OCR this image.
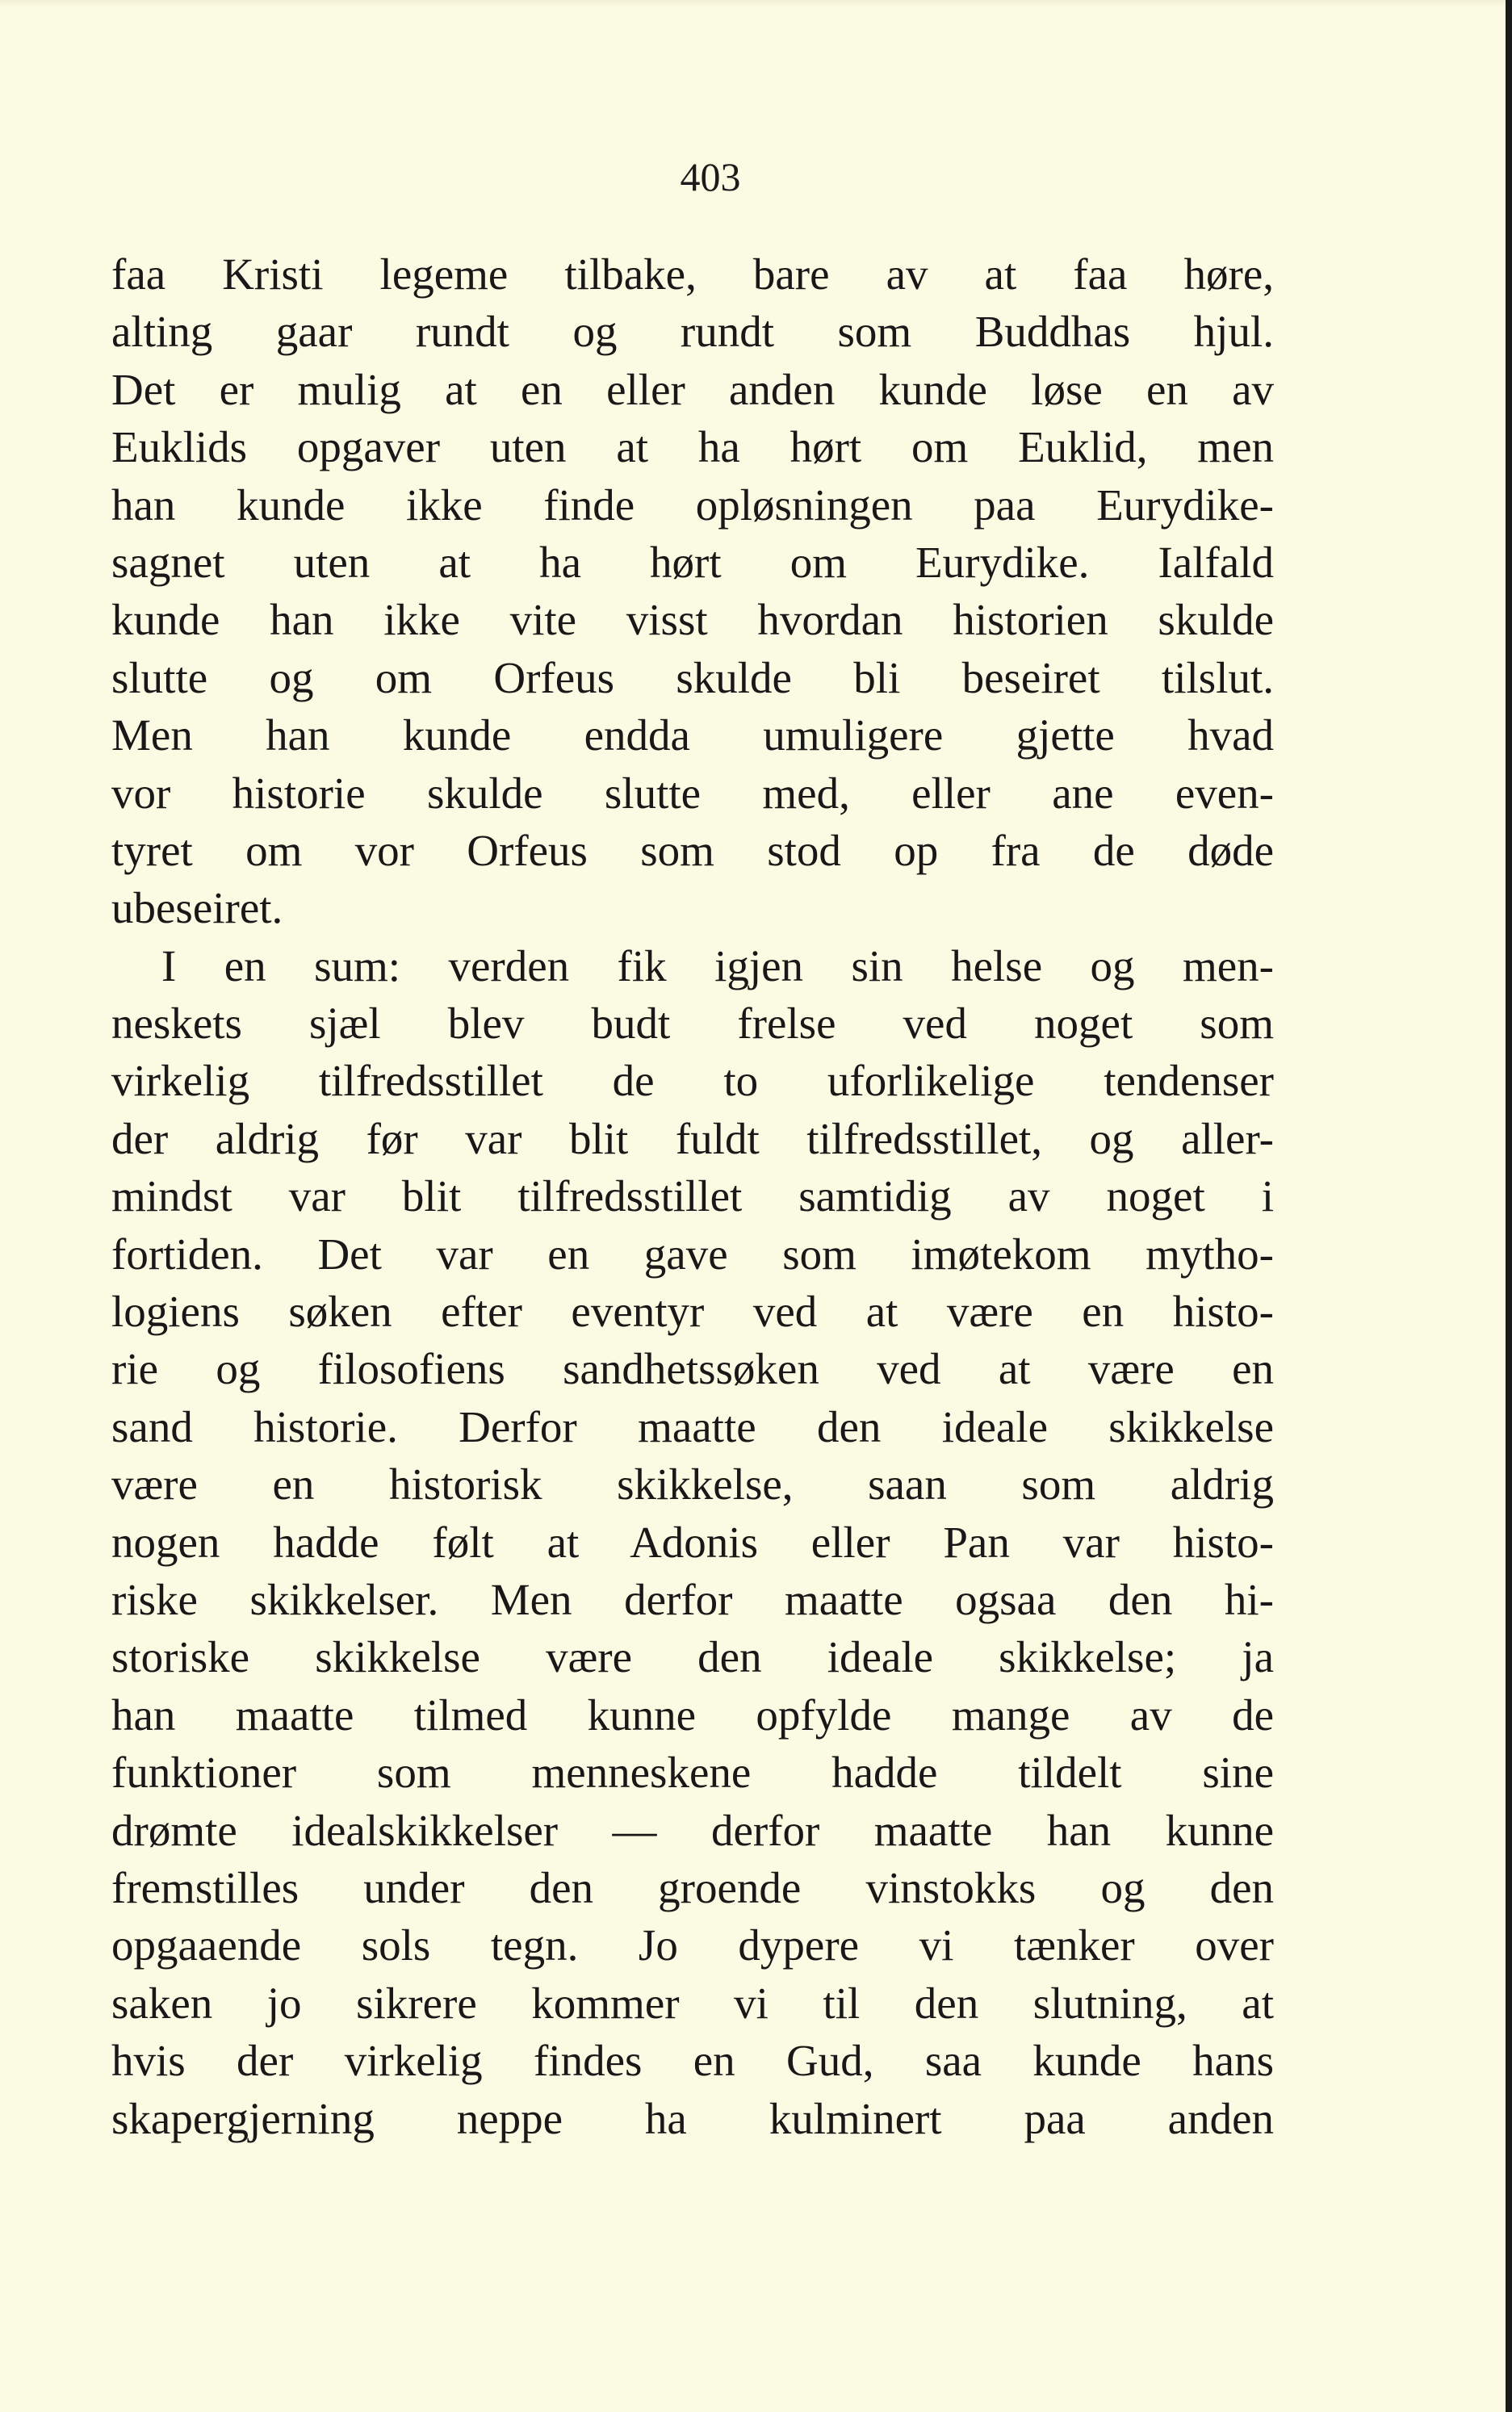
403
faa Kristi legeme tilbake, bare av at faa høre,
alting gaar rundt og rundt som Buddhas hjul.
Det er mulig at en eller anden kunde løse en av
Euklids opgaver uten at ha hørt om Euklid, men
han kunde ikke finde opløsningen paa Eurydike-
sagnet uten at ha hørt om Eurydike. Ialfald
kunde han ikke vite visst hvordan historien skulde
slutte og om Orfeus skulde bli beseiret tilslut.
Men han kunde endda umuligere gjette hvad
vor historie skulde slutte med, eller ane even-
tyret om vor Orfeus som stod op fra de døde
ubeseiret.
I en sum: verden fik igjen sin helse og men-
neskets sjæl blev budt frelse ved noget som
virkelig tilfredsstillet de to uforlikelige tendenser
der aldrig før var blit fuldt tilfredsstillet, og aller-
mindst var blit tilfredsstillet samtidig av noget i
fortiden. Det var en gave som imøtekom mytho-
logiens søken efter eventyr ved at være en histo-
rie og filosofiens sandhetssøken ved at være en
sand historie. Derfor maatte den ideale skikkelse
være en historisk skikkelse, saan som aldrig
nogen hadde følt at Adonis eller Pan var histo-
riske skikkelser. Men derfor maatte ogsaa den hi-
storiske skikkelse være den ideale skikkelse; ja
han maatte tilmed kunne opfylde mange av de
funktioner som menneskene hadde tildelt sine
drømte idealskikkelser — derfor maatte han kunne
fremstilles under den groende vinstokks og den
opgaaende sols tegn. Jo dypere vi tænker over
saken jo sikrere kommer vi til den slutning, at
hvis der virkelig findes en Gud, saa kunde hans
skapergjerning neppe ha kulminert paa anden
